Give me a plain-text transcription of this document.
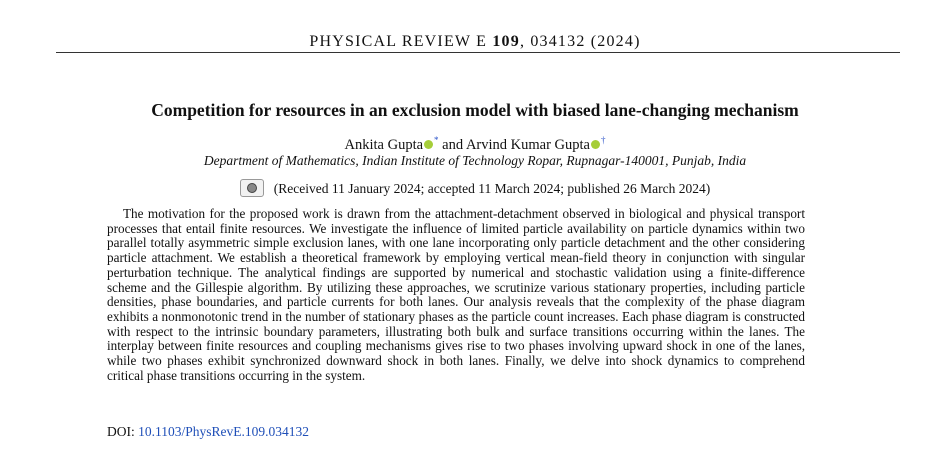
PHYSICAL REVIEW E 109, 034132 (2024)
Competition for resources in an exclusion model with biased lane-changing mechanism
Ankita Gupta * and Arvind Kumar Gupta †
Department of Mathematics, Indian Institute of Technology Ropar, Rupnagar-140001, Punjab, India
(Received 11 January 2024; accepted 11 March 2024; published 26 March 2024)

The motivation for the proposed work is drawn from the attachment-detachment observed in biological and physical transport processes that entail finite resources. We investigate the influence of limited particle availability on particle dynamics within two parallel totally asymmetric simple exclusion lanes, with one lane incorporating only particle detachment and the other considering particle attachment. We establish a theoretical framework by employing vertical mean-field theory in conjunction with singular perturbation technique. The analytical findings are supported by numerical and stochastic validation using a finite-difference scheme and the Gillespie algorithm. By utilizing these approaches, we scrutinize various stationary properties, including particle densities, phase boundaries, and particle currents for both lanes. Our analysis reveals that the complexity of the phase diagram exhibits a nonmonotonic trend in the number of stationary phases as the particle count increases. Each phase diagram is constructed with respect to the intrinsic boundary parameters, illustrating both bulk and surface transitions occurring within the lanes. The interplay between finite resources and coupling mechanisms gives rise to two phases involving upward shock in one of the lanes, while two phases exhibit synchronized downward shock in both lanes. Finally, we delve into shock dynamics to comprehend critical phase transitions occurring in the system.

DOI: 10.1103/PhysRevE.109.034132
